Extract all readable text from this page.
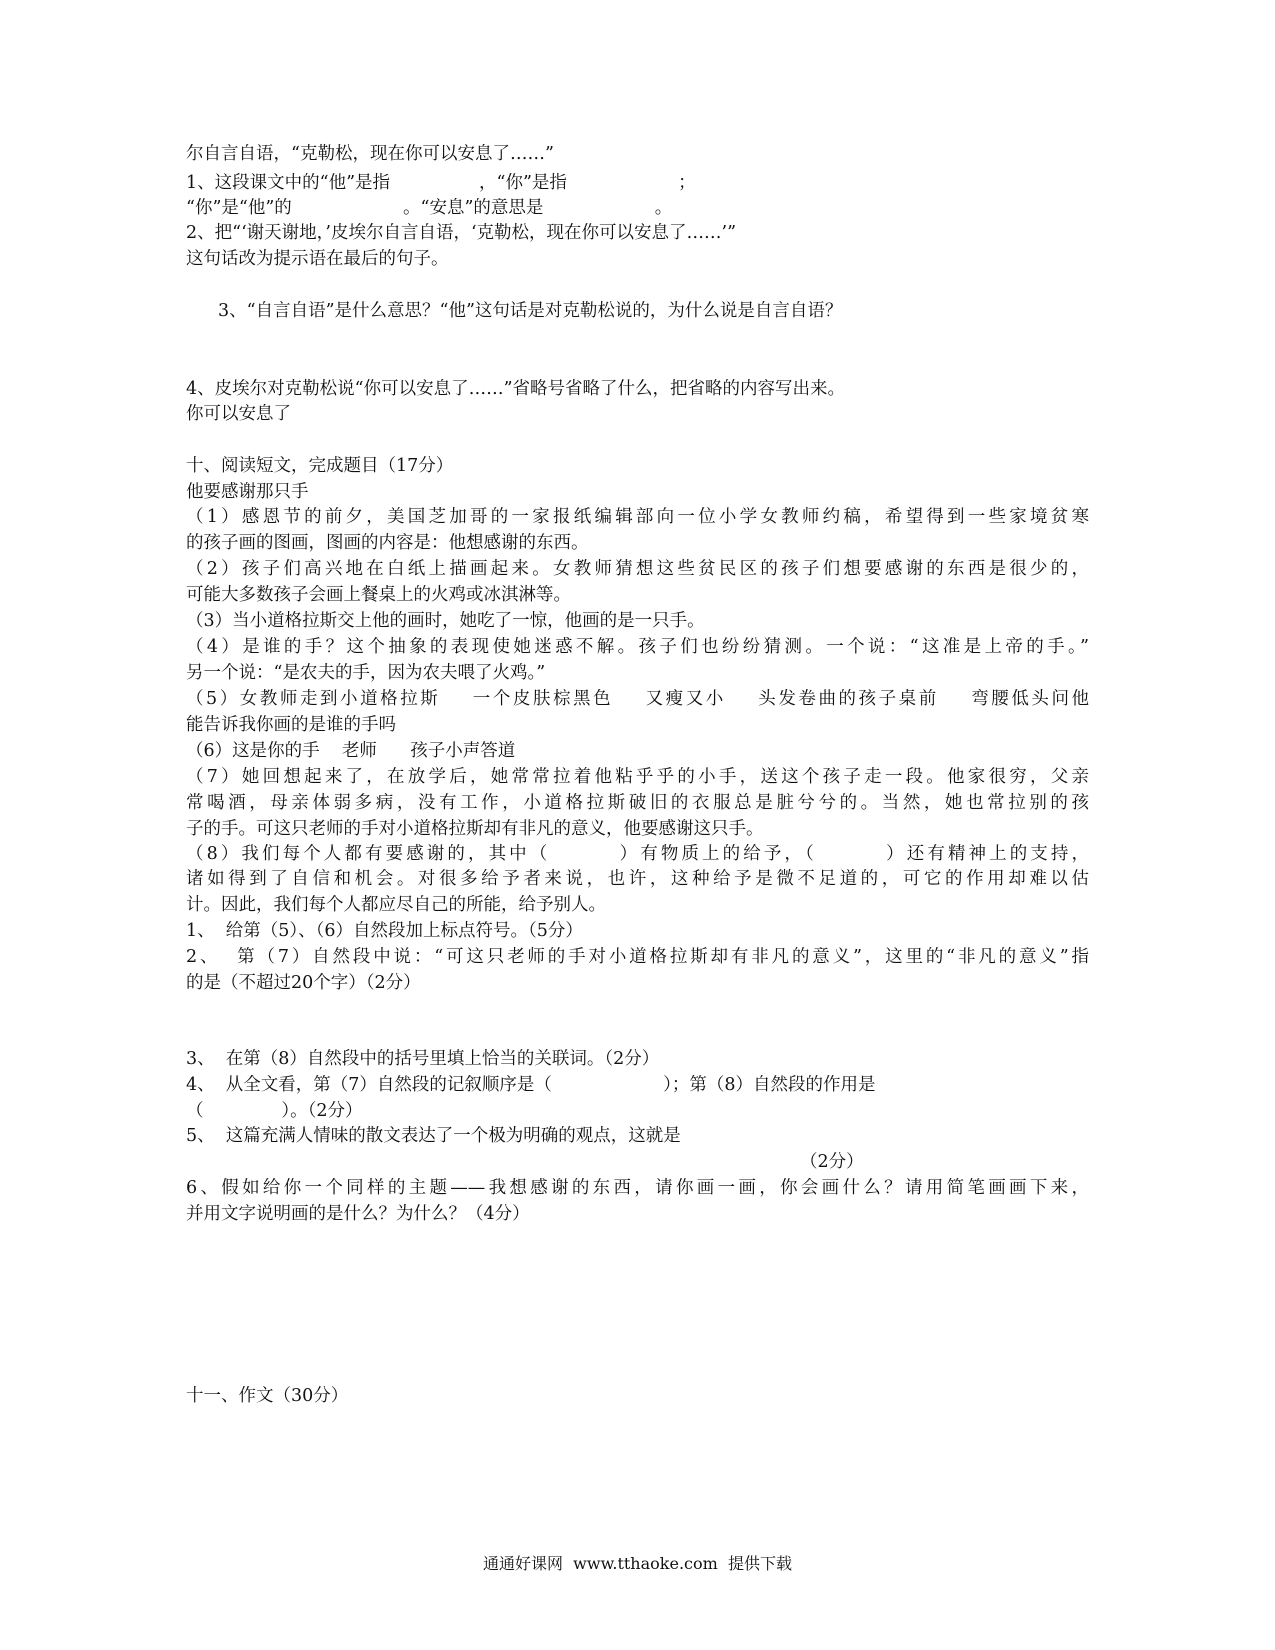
尔自言自语，“克勒松，现在你可以安息了……”

1、这段课文中的“他”是指                ，“你”是指                    ；

“你”是“他”的                    。“安息”的意思是                    。

2、把“‘谢天谢地，’皮埃尔自言自语，‘克勒松，现在你可以安息了……’”

这句话改为提示语在最后的句子。

3、“自言自语”是什么意思？“他”这句话是对克勒松说的，为什么说是自言自语？

4、皮埃尔对克勒松说“你可以安息了……”省略号省略了什么，把省略的内容写出来。

你可以安息了

十、阅读短文，完成题目（17分）

他要感谢那只手

（1）感恩节的前夕，美国芝加哥的一家报纸编辑部向一位小学女教师约稿，希望得到一些家境贫寒

的孩子画的图画，图画的内容是：他想感谢的东西。

（2）孩子们高兴地在白纸上描画起来。女教师猜想这些贫民区的孩子们想要感谢的东西是很少的，

可能大多数孩子会画上餐桌上的火鸡或冰淇淋等。

（3）当小道格拉斯交上他的画时，她吃了一惊，他画的是一只手。

（4）是谁的手？这个抽象的表现使她迷惑不解。孩子们也纷纷猜测。一个说：“这准是上帝的手。”

另一个说：“是农夫的手，因为农夫喂了火鸡。”

（5）女教师走到小道格拉斯    一个皮肤棕黑色    又瘦又小    头发卷曲的孩子桌前    弯腰低头问他

能告诉我你画的是谁的手吗

（6）这是你的手    老师      孩子小声答道

（7）她回想起来了，在放学后，她常常拉着他粘乎乎的小手，送这个孩子走一段。他家很穷，父亲

常喝酒，母亲体弱多病，没有工作，小道格拉斯破旧的衣服总是脏兮兮的。当然，她也常拉别的孩

子的手。可这只老师的手对小道格拉斯却有非凡的意义，他要感谢这只手。

（8）我们每个人都有要感谢的，其中（        ）有物质上的给予，（        ）还有精神上的支持，

诸如得到了自信和机会。对很多给予者来说，也许，这种给予是微不足道的，可它的作用却难以估

计。因此，我们每个人都应尽自己的所能，给予别人。

1、  给第（5）、（6）自然段加上标点符号。（5分）

2、  第（7）自然段中说：“可这只老师的手对小道格拉斯却有非凡的意义”，这里的“非凡的意义”指

的是（不超过20个字）（2分）

3、  在第（8）自然段中的括号里填上恰当的关联词。（2分）

4、  从全文看，第（7）自然段的记叙顺序是（                    ）；第（8）自然段的作用是

（              ）。（2分）

5、  这篇充满人情味的散文表达了一个极为明确的观点，这就是

（2分）

6、假如给你一个同样的主题——我想感谢的东西，请你画一画，你会画什么？请用简笔画画下来，

并用文字说明画的是什么？为什么？（4分）

十一、作文（30分）

通通好课网  www.tthaoke.com  提供下载
